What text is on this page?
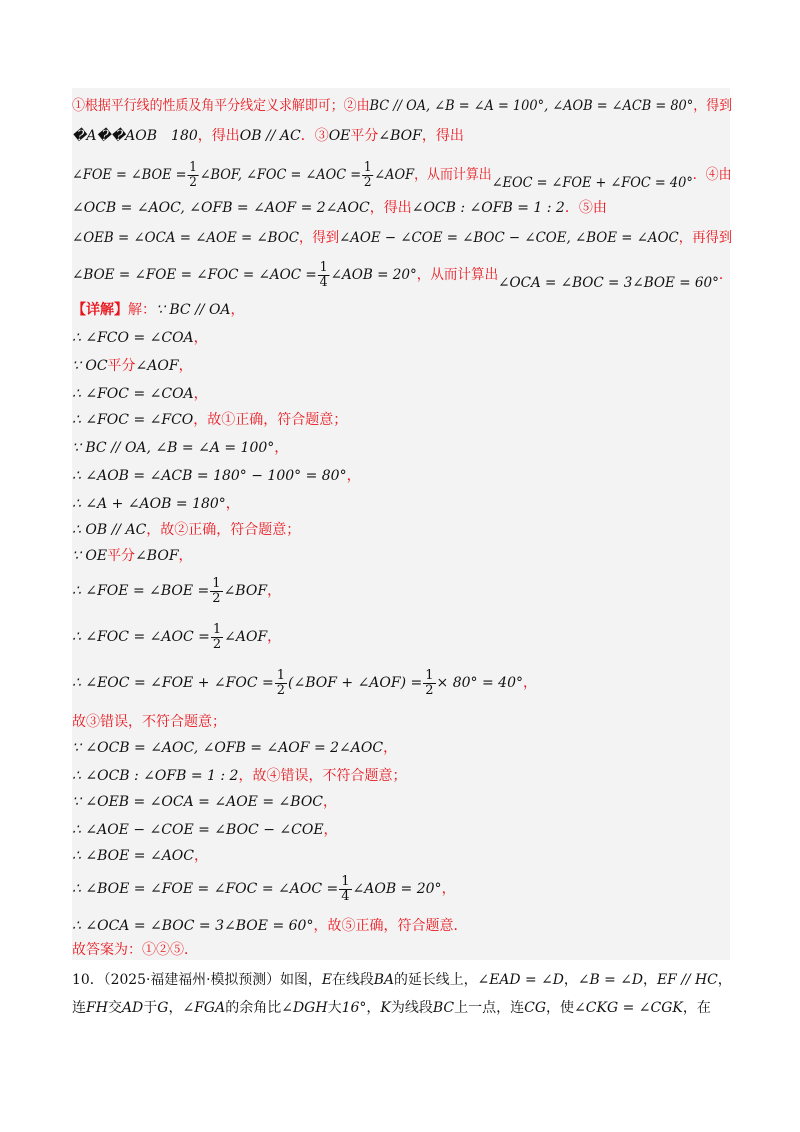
①根据平行线的性质及角平分线定义求解即可；②由BC // OA, ∠B = ∠A = 100°, ∠AOB = ∠ACB = 80°，得到
�A��AOB　180，得出OB // AC．③OE平分∠BOF，得出
∠FOE = ∠BOE = $\frac{1}{2}$ ∠BOF, ∠FOC = ∠AOC = $\frac{1}{2}$ ∠AOF，从而计算出∠EOC = ∠FOE + ∠FOC = 40°．④由
∠OCB = ∠AOC, ∠OFB = ∠AOF = 2∠AOC，得出∠OCB : ∠OFB = 1 : 2．⑤由
∠OEB = ∠OCA = ∠AOE = ∠BOC，得到∠AOE − ∠COE = ∠BOC − ∠COE, ∠BOE = ∠AOC，再得到
∠BOE = ∠FOE = ∠FOC = ∠AOC = $\frac{1}{4}$ ∠AOB = 20°，从而计算出∠OCA = ∠BOC = 3∠BOE = 60°．
【详解】解：∵ BC // OA，
∴ ∠FCO = ∠COA，
∵ OC平分∠AOF，
∴ ∠FOC = ∠COA，
∴ ∠FOC = ∠FCO，故①正确，符合题意；
∵ BC // OA, ∠B = ∠A = 100°，
∴ ∠AOB = ∠ACB = 180° − 100° = 80°，
∴ ∠A + ∠AOB = 180°，
∴ OB // AC，故②正确，符合题意；
∵ OE平分∠BOF，
∴ ∠FOE = ∠BOE = $\frac{1}{2}$ ∠BOF，
∴ ∠FOC = ∠AOC = $\frac{1}{2}$ ∠AOF，
∴ ∠EOC = ∠FOE + ∠FOC = $\frac{1}{2}$ (∠BOF + ∠AOF) = $\frac{1}{2} \times 80^\circ = 40^\circ$，
故③错误，不符合题意；
∵ ∠OCB = ∠AOC, ∠OFB = ∠AOF = 2∠AOC，
∴ ∠OCB : ∠OFB = 1 : 2，故④错误，不符合题意；
∵ ∠OEB = ∠OCA = ∠AOE = ∠BOC，
∴ ∠AOE − ∠COE = ∠BOC − ∠COE，
∴ ∠BOE = ∠AOC，
∴ ∠BOE = ∠FOE = ∠FOC = ∠AOC = $\frac{1}{4}$ ∠AOB = 20°，
∴ ∠OCA = ∠BOC = 3∠BOE = 60°，故⑤正确，符合题意．
故答案为：①②⑤．
10．（2025·福建福州·模拟预测）如图，E在线段BA的延长线上，∠EAD = ∠D，∠B = ∠D，EF // HC，
连FH交AD于G，∠FGA的余角比∠DGH大16°，K为线段BC上一点，连CG，使∠CKG = ∠CGK，在
